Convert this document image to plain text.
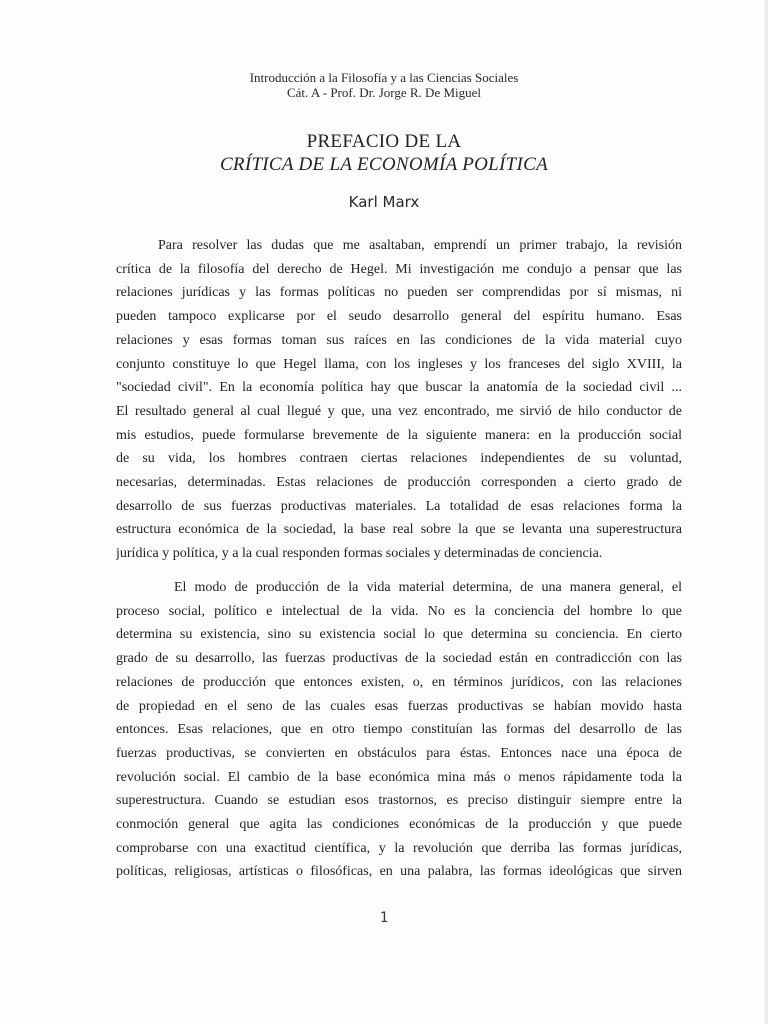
Introducción a la Filosofía y a las Ciencias Sociales
Cát. A - Prof. Dr. Jorge R. De Miguel
PREFACIO DE LA
CRÍTICA DE LA ECONOMÍA POLÍTICA
Karl Marx
Para resolver las dudas que me asaltaban, emprendí un primer trabajo, la revisión
crítica de la filosofía del derecho de Hegel. Mi investigación me condujo a pensar que las
relaciones jurídicas y las formas políticas no pueden ser comprendidas por sí mismas, ni
pueden tampoco explicarse por el seudo desarrollo general del espíritu humano. Esas
relaciones y esas formas toman sus raíces en las condiciones de la vida material cuyo
conjunto constituye lo que Hegel llama, con los ingleses y los franceses del siglo XVIII, la
"sociedad civil". En la economía política hay que buscar la anatomía de la sociedad civil ...
El resultado general al cual llegué y que, una vez encontrado, me sirvió de hilo conductor de
mis estudios, puede formularse brevemente de la siguiente manera: en la producción social
de su vida, los hombres contraen ciertas relaciones independientes de su voluntad,
necesarias, determinadas. Estas relaciones de producción corresponden a cierto grado de
desarrollo de sus fuerzas productivas materiales. La totalidad de esas relaciones forma la
estructura económica de la sociedad, la base real sobre la que se levanta una superestructura
jurídica y política, y a la cual responden formas sociales y determinadas de conciencia.
El modo de producción de la vida material determina, de una manera general, el
proceso social, político e intelectual de la vida. No es la conciencia del hombre lo que
determina su existencia, sino su existencia social lo que determina su conciencia. En cierto
grado de su desarrollo, las fuerzas productivas de la sociedad están en contradicción con las
relaciones de producción que entonces existen, o, en términos jurídicos, con las relaciones
de propiedad en el seno de las cuales esas fuerzas productivas se habían movido hasta
entonces. Esas relaciones, que en otro tiempo constituían las formas del desarrollo de las
fuerzas productivas, se convierten en obstáculos para éstas. Entonces nace una época de
revolución social. El cambio de la base económica mina más o menos rápidamente toda la
superestructura. Cuando se estudian esos trastornos, es preciso distinguir siempre entre la
conmoción general que agita las condiciones económicas de la producción y que puede
comprobarse con una exactitud científica, y la revolución que derriba las formas jurídicas,
políticas, religiosas, artísticas o filosóficas, en una palabra, las formas ideológicas que sirven
1
